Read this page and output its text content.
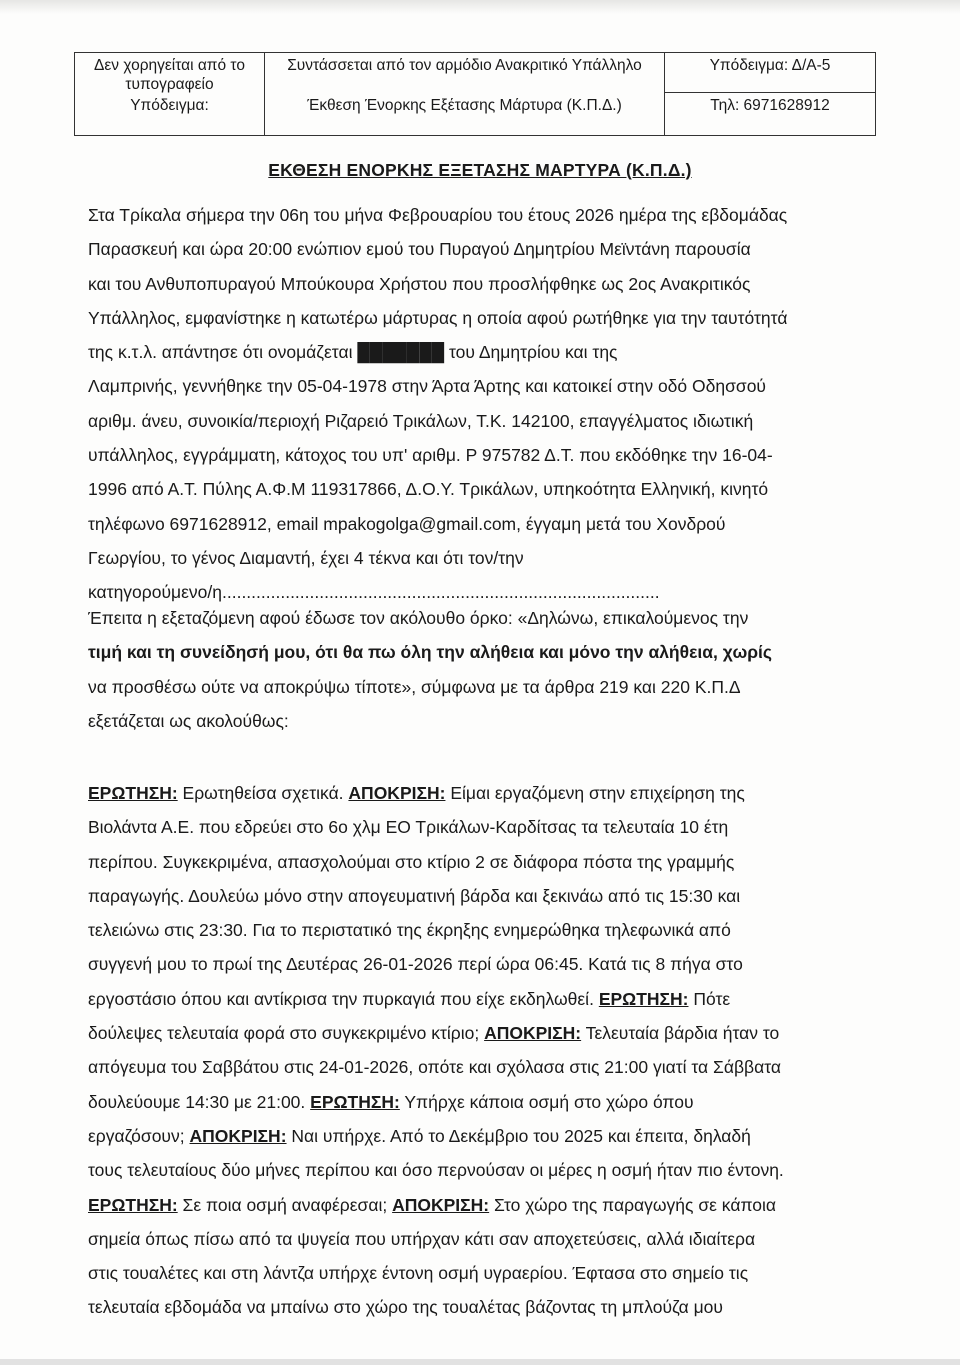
Δεν χορηγείται από το τυπογραφείο
Υπόδειγμα:
Συντάσσεται από τον αρμόδιο Ανακριτικό Υπάλληλο
Έκθεση Ένορκης Εξέτασης Μάρτυρα (Κ.Π.Δ.)
Υπόδειγμα: Δ/Α-5
Τηλ: 6971628912
ΕΚΘΕΣΗ ΕΝΟΡΚΗΣ ΕΞΕΤΑΣΗΣ ΜΑΡΤΥΡΑ (Κ.Π.Δ.)
Στα Τρίκαλα σήμερα την 06η του μήνα Φεβρουαρίου του έτους 2026 ημέρα της εβδομάδας
Παρασκευή και ώρα 20:00 ενώπιον εμού του Πυραγού Δημητρίου Μεϊντάνη παρουσία
και του Ανθυποπυραγού Μπούκουρα Χρήστου που προσλήφθηκε ως 2ος Ανακριτικός
Υπάλληλος, εμφανίστηκε η κατωτέρω μάρτυρας η οποία αφού ρωτήθηκε για την ταυτότητά
της κ.τ.λ. απάντησε ότι ονομάζεται ███████ του Δημητρίου και της
Λαμπρινής, γεννήθηκε την 05-04-1978 στην Άρτα Άρτης και κατοικεί στην οδό Οδησσού
αριθμ. άνευ, συνοικία/περιοχή Ριζαρειό Τρικάλων, Τ.Κ. 142100, επαγγέλματος ιδιωτική
υπάλληλος, εγγράμματη, κάτοχος του υπ' αριθμ. Ρ 975782 Δ.Τ. που εκδόθηκε την 16-04-
1996 από Α.Τ. Πύλης Α.Φ.Μ 119317866, Δ.Ο.Υ. Τρικάλων, υπηκοότητα Ελληνική, κινητό
τηλέφωνο 6971628912, email mpakogolga@gmail.com, έγγαμη μετά του Χονδρού
Γεωργίου, το γένος Διαμαντή, έχει 4 τέκνα και ότι τον/την
κατηγορούμενο/η..........................................................................................
Έπειτα η εξεταζόμενη αφού έδωσε τον ακόλουθο όρκο: «Δηλώνω, επικαλούμενος την
τιμή και τη συνείδησή μου, ότι θα πω όλη την αλήθεια και μόνο την αλήθεια, χωρίς
να προσθέσω ούτε να αποκρύψω τίποτε», σύμφωνα με τα άρθρα 219 και 220 Κ.Π.Δ
εξετάζεται ως ακολούθως:
ΕΡΩΤΗΣΗ: Ερωτηθείσα σχετικά. ΑΠΟΚΡΙΣΗ: Είμαι εργαζόμενη στην επιχείρηση της
Βιολάντα Α.Ε. που εδρεύει στο 6ο χλμ ΕΟ Τρικάλων-Καρδίτσας τα τελευταία 10 έτη
περίπου. Συγκεκριμένα, απασχολούμαι στο κτίριο 2 σε διάφορα πόστα της γραμμής
παραγωγής. Δουλεύω μόνο στην απογευματινή βάρδα και ξεκινάω από τις 15:30 και
τελειώνω στις 23:30. Για το περιστατικό της έκρηξης ενημερώθηκα τηλεφωνικά από
συγγενή μου το πρωί της Δευτέρας 26-01-2026 περί ώρα 06:45. Κατά τις 8 πήγα στο
εργοστάσιο όπου και αντίκρισα την πυρκαγιά που είχε εκδηλωθεί. ΕΡΩΤΗΣΗ: Πότε
δούλεψες τελευταία φορά στο συγκεκριμένο κτίριο; ΑΠΟΚΡΙΣΗ: Τελευταία βάρδια ήταν το
απόγευμα του Σαββάτου στις 24-01-2026, οπότε και σχόλασα στις 21:00 γιατί τα Σάββατα
δουλεύουμε 14:30 με 21:00. ΕΡΩΤΗΣΗ: Υπήρχε κάποια οσμή στο χώρο όπου
εργαζόσουν; ΑΠΟΚΡΙΣΗ: Ναι υπήρχε. Από το Δεκέμβριο του 2025 και έπειτα, δηλαδή
τους τελευταίους δύο μήνες περίπου και όσο περνούσαν οι μέρες η οσμή ήταν πιο έντονη.
ΕΡΩΤΗΣΗ: Σε ποια οσμή αναφέρεσαι; ΑΠΟΚΡΙΣΗ: Στο χώρο της παραγωγής σε κάποια
σημεία όπως πίσω από τα ψυγεία που υπήρχαν κάτι σαν αποχετεύσεις, αλλά ιδιαίτερα
στις τουαλέτες και στη λάντζα υπήρχε έντονη οσμή υγραερίου. Έφτασα στο σημείο τις
τελευταία εβδομάδα να μπαίνω στο χώρο της τουαλέτας βάζοντας τη μπλούζα μου
